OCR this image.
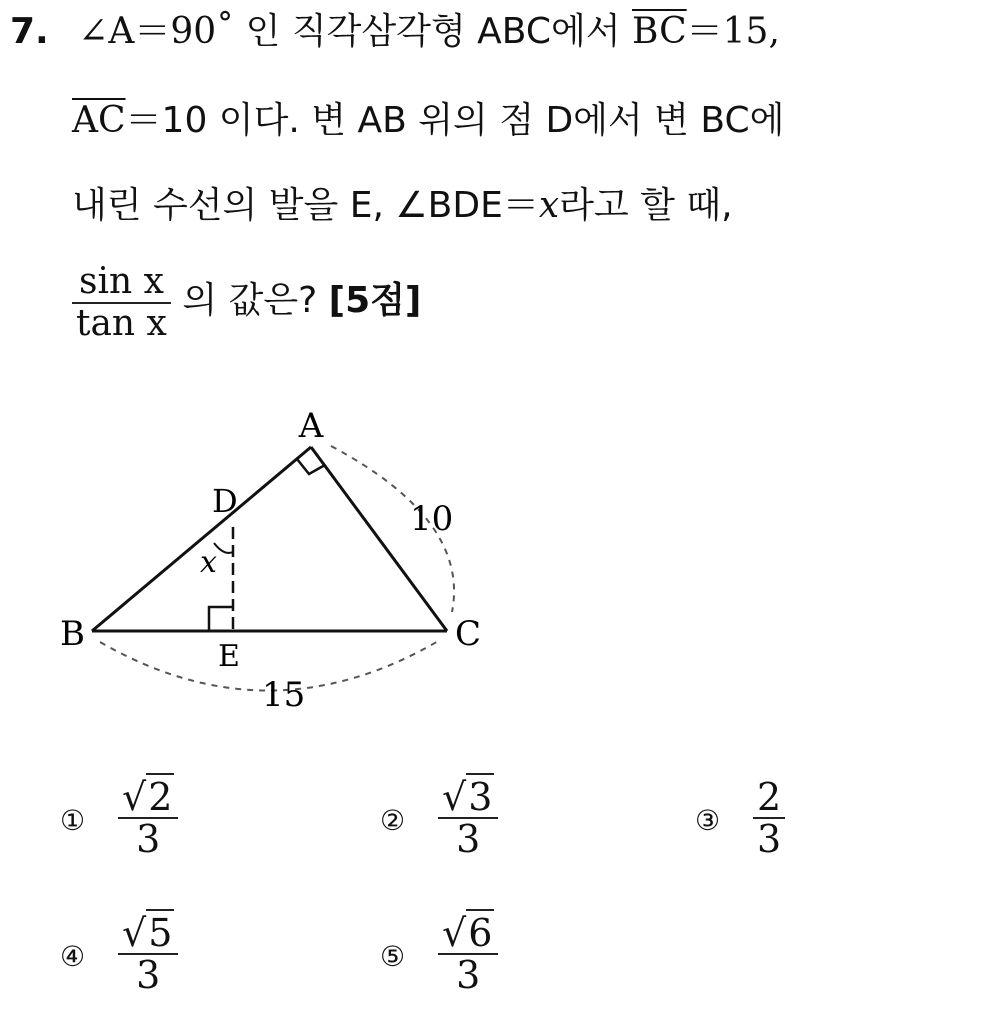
7. ∠A＝90˚ 인 직각삼각형 ABC에서 $\overline{BC}=15$,
$\overline{AC}=10$ 이다. 변 AB 위의 점 D에서 변 BC에
내린 수선의 발을 E, ∠BDE＝x라고 할 때,
$\frac{\text{sin x}}{\text{tan x}}$ 의 값은? [5점]
A
B	C
D
E
x
10
15
① $\frac{√2}{3}$	② $\frac{√3}{3}$	③ $\frac{2}{3}$
④ $\frac{√5}{3}$	⑤ $\frac{√6}{3}$
